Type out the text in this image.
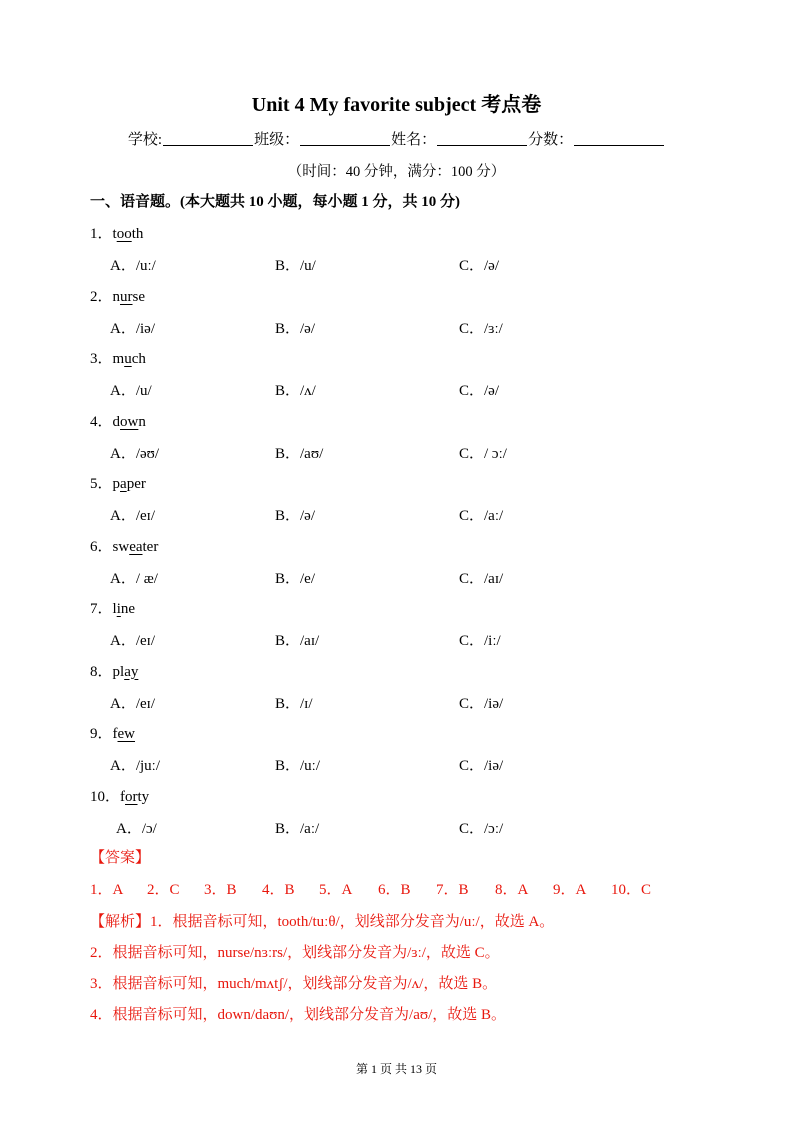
Unit 4 My favorite subject 考点卷
学校:	班级：	姓名：	分数：
（时间：40 分钟，满分：100 分）
一、语音题。(本大题共 10 小题，每小题 1 分，共 10 分)
1．tooth
A．/uː/	B．/u/	C．/ə/
2．nurse
A．/iə/	B．/ə/	C．/ɜː/
3．much
A．/u/	B．/ʌ/	C．/ə/
4．down
A．/əʊ/	B．/aʊ/	C．/ ɔː/
5．paper
A．/eɪ/	B．/ə/	C．/aː/
6．sweater
A．/ æ/	B．/e/	C．/aɪ/
7．line
A．/eɪ/	B．/aɪ/	C．/iː/
8．play
A．/eɪ/	B．/ɪ/	C．/iə/
9．few
A．/juː/	B．/uː/	C．/iə/
10．forty
A．/ɔ/	B．/aː/	C．/ɔː/
【答案】
1．A 2．C 3．B 4．B 5．A 6．B 7．B 8．A 9．A 10．C
【解析】1．根据音标可知，tooth/tuːθ/，划线部分发音为/uː/，故选 A。
2．根据音标可知，nurse/nɜːrs/，划线部分发音为/ɜː/，故选 C。
3．根据音标可知，much/mʌtʃ/，划线部分发音为/ʌ/，故选 B。
4．根据音标可知，down/daʊn/，划线部分发音为/aʊ/，故选 B。
第 1 页 共 13 页
